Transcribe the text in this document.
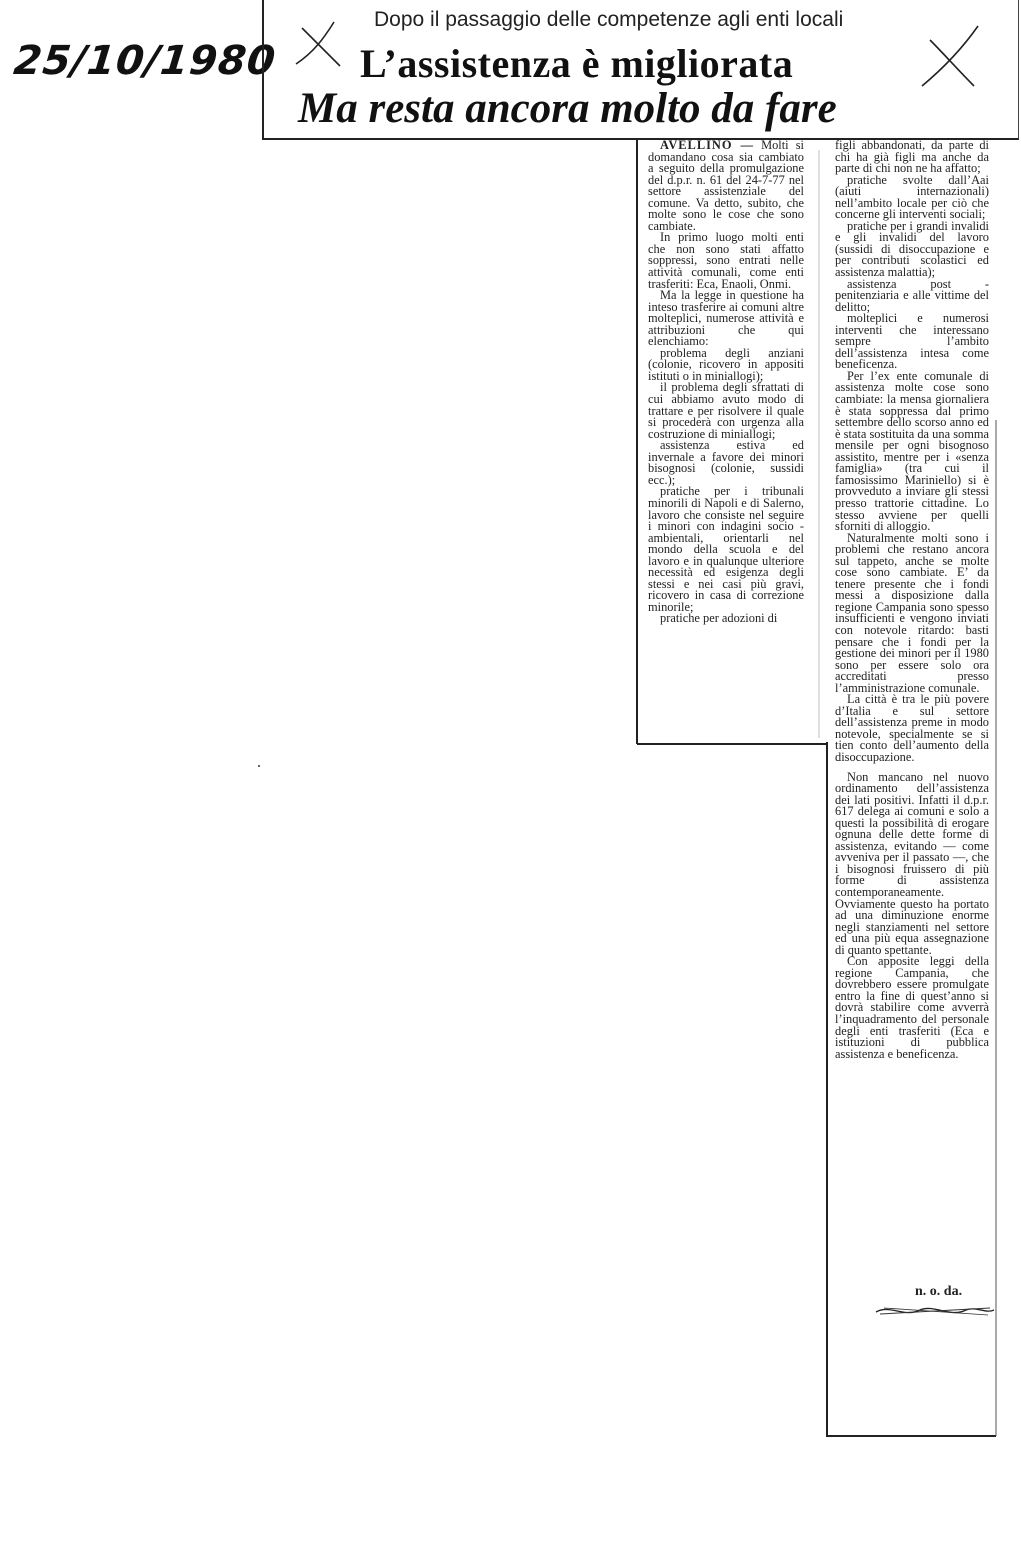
25/10/1980
Dopo il passaggio delle competenze agli enti locali
L’assistenza è migliorata
Ma resta ancora molto da fare

AVELLINO — Molti si domandano cosa sia cambiato a seguito della promulgazione del d.p.r. n. 61 del 24-7-77 nel settore assistenziale del comune. Va detto, subito, che molte sono le cose che sono cambiate.

In primo luogo molti enti che non sono stati affatto soppressi, sono entrati nelle attività comunali, come enti trasferiti: Eca, Enaoli, Onmi.

Ma la legge in questione ha inteso trasferire ai comuni altre molteplici, numerose attività e attribuzioni che qui elenchiamo:

problema degli anziani (colonie, ricovero in appositi istituti o in miniallogi);

il problema degli sfrattati di cui abbiamo avuto modo di trattare e per risolvere il quale si procederà con urgenza alla costruzione di miniallogi;

assistenza estiva ed invernale a favore dei minori bisognosi (colonie, sussidi ecc.);

pratiche per i tribunali minorili di Napoli e di Salerno, lavoro che consiste nel seguire i minori con indagini socio - ambientali, orientarli nel mondo della scuola e del lavoro e in qualunque ulteriore necessità ed esigenza degli stessi e nei casi più gravi, ricovero in casa di correzione minorile;

pratiche per adozioni di

figli abbandonati, da parte di chi ha già figli ma anche da parte di chi non ne ha affatto;

pratiche svolte dall’Aai (aiuti internazionali) nell’ambito locale per ciò che concerne gli interventi sociali;

pratiche per i grandi invalidi e gli invalidi del lavoro (sussidi di disoccupazione e per contributi scolastici ed assistenza malattia);

assistenza post - penitenziaria e alle vittime del delitto;

molteplici e numerosi interventi che interessano sempre l’ambito dell’assistenza intesa come beneficenza.

Per l’ex ente comunale di assistenza molte cose sono cambiate: la mensa giornaliera è stata soppressa dal primo settembre dello scorso anno ed è stata sostituita da una somma mensile per ogni bisognoso assistito, mentre per i «senza famiglia» (tra cui il famosissimo Mariniello) si è provveduto a inviare gli stessi presso trattorie cittadine. Lo stesso avviene per quelli sforniti di alloggio.

Naturalmente molti sono i problemi che restano ancora sul tappeto, anche se molte cose sono cambiate. E’ da tenere presente che i fondi messi a disposizione dalla regione Campania sono spesso insufficienti e vengono inviati con notevole ritardo: basti pensare che i fondi per la gestione dei minori per il 1980 sono per essere solo ora accreditati presso l’amministrazione comunale.

La città è tra le più povere d’Italia e sul settore dell’assistenza preme in modo notevole, specialmente se si tien conto dell’aumento della disoccupazione.

Non mancano nel nuovo ordinamento dell’assistenza dei lati positivi. Infatti il d.p.r. 617 delega ai comuni e solo a questi la possibilità di erogare ognuna delle dette forme di assistenza, evitando — come avveniva per il passato —, che i bisognosi fruissero di più forme di assistenza contemporaneamente. Ovviamente questo ha portato ad una diminuzione enorme negli stanziamenti nel settore ed una più equa assegnazione di quanto spettante.

Con apposite leggi della regione Campania, che dovrebbero essere promulgate entro la fine di quest’anno si dovrà stabilire come avverrà l’inquadramento del personale degli enti trasferiti (Eca e istituzioni di pubblica assistenza e beneficenza.

n. o. da.
